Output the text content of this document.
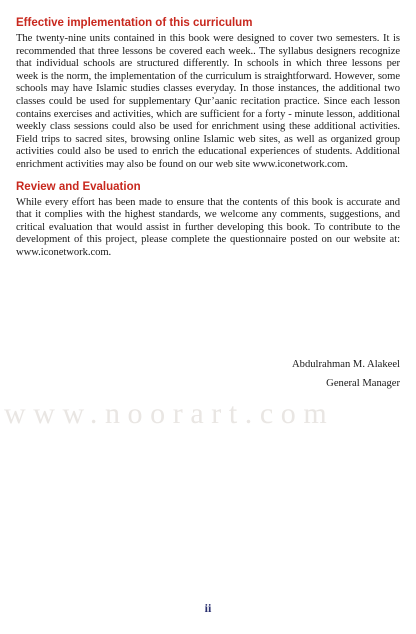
Effective implementation of this curriculum

The twenty-nine units contained in this book were designed to cover two semesters. It is recommended that three lessons be covered each week.. The syllabus designers recognize that individual schools are structured differently. In schools in which three lessons per week is the norm, the implementation of the curriculum is straightforward. However, some schools may have Islamic studies classes everyday. In those instances, the additional two classes could be used for supplementary Qur’aanic recitation practice. Since each lesson contains exercises and activities, which are sufficient for a forty - minute lesson, additional weekly class sessions could also be used for enrichment using these additional activities. Field trips to sacred sites, browsing online Islamic web sites, as well as organized group activities could also be used to enrich the educational experiences of students. Additional enrichment activities may also be found on our web site www.iconetwork.com.

Review and Evaluation

While every effort has been made to ensure that the contents of this book is accurate and that it complies with the highest standards, we welcome any comments, suggestions, and critical evaluation that would assist in further developing this book. To contribute to the development of this project, please complete the questionnaire posted on our website at: www.iconetwork.com.

Abdulrahman M. Alakeel
General Manager
www.noorart.com
ii
